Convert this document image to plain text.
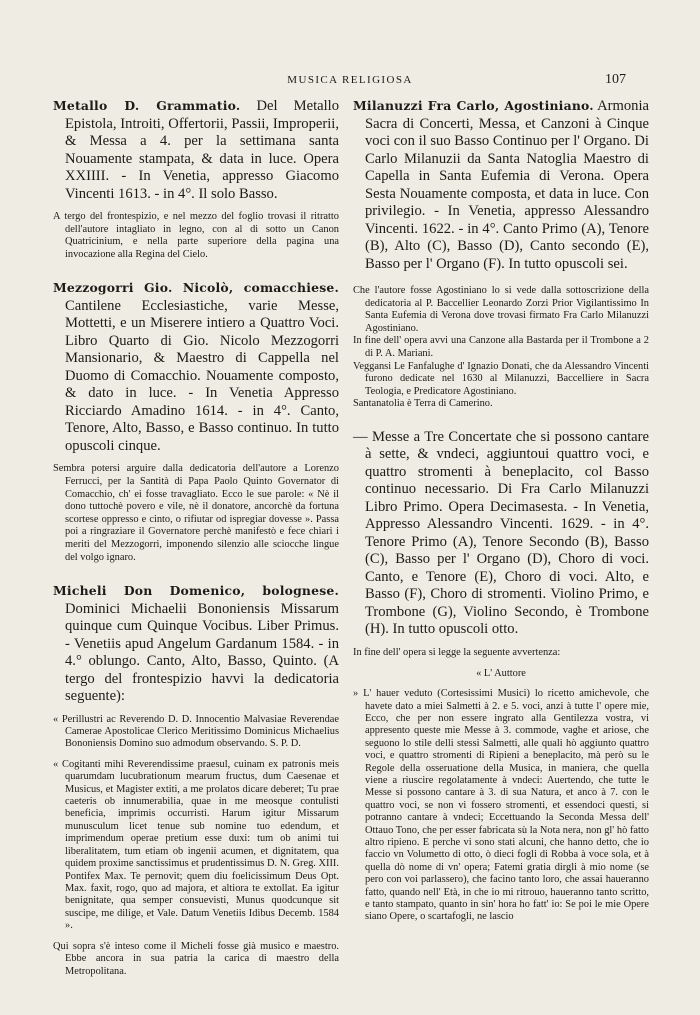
MUSICA RELIGIOSA	107

Metallo D. Grammatio. Del Metallo Epistola, Introiti, Offertorii, Passii, Improperii, & Messa a 4. per la settimana santa Nouamente stampata, & data in luce. Opera XXIIII. - In Venetia, appresso Giacomo Vincenti 1613. - in 4°. Il solo Basso.

A tergo del frontespizio, e nel mezzo del foglio trovasi il ritratto dell'autore intagliato in legno, con al di sotto un Canon Quatricinium, e nella parte superiore della pagina una invocazione alla Regina del Cielo.

Mezzogorri Gio. Nicolò, comacchiese. Cantilene Ecclesiastiche, varie Messe, Mottetti, e un Miserere intiero a Quattro Voci. Libro Quarto di Gio. Nicolo Mezzogorri Mansionario, & Maestro di Cappella nel Duomo di Comacchio. Nouamente composto, & dato in luce. - In Venetia Appresso Ricciardo Amadino 1614. - in 4°. Canto, Tenore, Alto, Basso, e Basso continuo. In tutto opuscoli cinque.

Sembra potersi arguire dalla dedicatoria dell'autore a Lorenzo Ferrucci, per la Santità di Papa Paolo Quinto Governator di Comacchio, ch' ei fosse travagliato. Ecco le sue parole: « Nè il dono tuttochè povero e vile, nè il donatore, ancorchè da fortuna scortese oppresso e cinto, o rifiutar od ispregiar dovesse ». Passa poi a ringraziare il Governatore perchè manifestò e fece chiari i meriti del Mezzogorri, imponendo silenzio alle sciocche lingue del volgo ignaro.

Micheli Don Domenico, bolognese. Dominici Michaelii Bononiensis Missarum quinque cum Quinque Vocibus. Liber Primus. - Venetiis apud Angelum Gardanum 1584. - in 4.° oblungo. Canto, Alto, Basso, Quinto. (A tergo del frontespizio havvi la dedicatoria seguente):

« Perillustri ac Reverendo D. D. Innocentio Malvasiae Reverendae Camerae Apostolicae Clerico Meritissimo Dominicus Michaelius Bononiensis Domino suo admodum observando. S. P. D.

« Cogitanti mihi Reverendissime praesul, cuinam ex patronis meis quarumdam lucubrationum mearum fructus, dum Caesenae et Musicus, et Magister extiti, a me prolatos dicare deberet; Tu prae caeteris ob innumerabilia, quae in me meosque contulisti beneficia, imprimis occurristi. Harum igitur Missarum munusculum licet tenue sub nomine tuo edendum, et imprimendum operae pretium esse duxi: tum ob animi tui liberalitatem, tum etiam ob ingenii acumen, et dignitatem, qua quidem proxime sanctissimus et prudentissimus D. N. Greg. XIII. Pontifex Max. Te pernovit; quem diu foelicissimum Deus Opt. Max. faxit, rogo, quo ad majora, et altiora te extollat. Ea igitur benignitate, qua semper consuevisti, Munus quodcunque sit suscipe, me dilige, et Vale. Datum Venetiis Idibus Decemb. 1584 ».

Qui sopra s'è inteso come il Micheli fosse già musico e maestro. Ebbe ancora in sua patria la carica di maestro della Metropolitana.

Milanuzzi Fra Carlo, Agostiniano. Armonia Sacra di Concerti, Messa, et Canzoni à Cinque voci con il suo Basso Continuo per l' Organo. Di Carlo Milanuzii da Santa Natoglia Maestro di Capella in Santa Eufemia di Verona. Opera Sesta Nouamente composta, et data in luce. Con privilegio. - In Venetia, appresso Alessandro Vincenti. 1622. - in 4°. Canto Primo (A), Tenore (B), Alto (C), Basso (D), Canto secondo (E), Basso per l' Organo (F). In tutto opuscoli sei.

Che l'autore fosse Agostiniano lo si vede dalla sottoscrizione della dedicatoria al P. Baccellier Leonardo Zorzi Prior Vigilantissimo In Santa Eufemia di Verona dove trovasi firmato Fra Carlo Milanuzzi Agostiniano.

In fine dell' opera avvi una Canzone alla Bastarda per il Trombone a 2 di P. A. Mariani.

Veggansi Le Fanfalughe d' Ignazio Donati, che da Alessandro Vincenti furono dedicate nel 1630 al Milanuzzi, Baccelliere in Sacra Teologia, e Predicatore Agostiniano.

Santanatolia è Terra di Camerino.

— Messe a Tre Concertate che si possono cantare à sette, & vndeci, aggiuntoui quattro voci, e quattro stromenti à beneplacito, col Basso continuo necessario. Di Fra Carlo Milanuzzi Libro Primo. Opera Decimasesta. - In Venetia, Appresso Alessandro Vincenti. 1629. - in 4°. Tenore Primo (A), Tenore Secondo (B), Basso (C), Basso per l' Organo (D), Choro di voci. Canto, e Tenore (E), Choro di voci. Alto, e Basso (F), Choro di stromenti. Violino Primo, e Trombone (G), Violino Secondo, è Trombone (H). In tutto opuscoli otto.

In fine dell' opera si legge la seguente avvertenza:

« L' Auttore

» L' hauer veduto (Cortesissimi Musici) lo ricetto amichevole, che havete dato a miei Salmetti à 2. e 5. voci, anzi à tutte l' opere mie, Ecco, che per non essere ingrato alla Gentilezza vostra, vi appresento queste mie Messe à 3. commode, vaghe et ariose, che seguono lo stile delli stessi Salmetti, alle quali hò aggiunto quattro voci, e quattro stromenti di Ripieni a beneplacito, mà però su le Regole della osseruatione della Musica, in maniera, che quella viene a riuscire regolatamente à vndeci: Auertendo, che tutte le Messe si possono cantare à 3. di sua Natura, et anco à 7. con le quattro voci, se non vi fossero stromenti, et essendoci questi, si potranno cantare à vndeci; Eccettuando la Seconda Messa dell' Ottauo Tono, che per esser fabricata sù la Nota nera, non gl' hò fatto altro ripieno. E perche vi sono stati alcuni, che hanno detto, che io faccio vn Volumetto di otto, ò dieci fogli di Robba à voce sola, et à quella dò nome di vn' opera; Fatemi gratia dirgli à mio nome (se pero con voi parlassero), che facino tanto loro, che assai haueranno fatto, quando nell' Età, in che io mi ritrouo, haueranno tanto scritto, e tanto stampato, quanto in sin' hora ho fatt' io: Se poi le mie Opere siano Opere, o scartafogli, ne lascio
